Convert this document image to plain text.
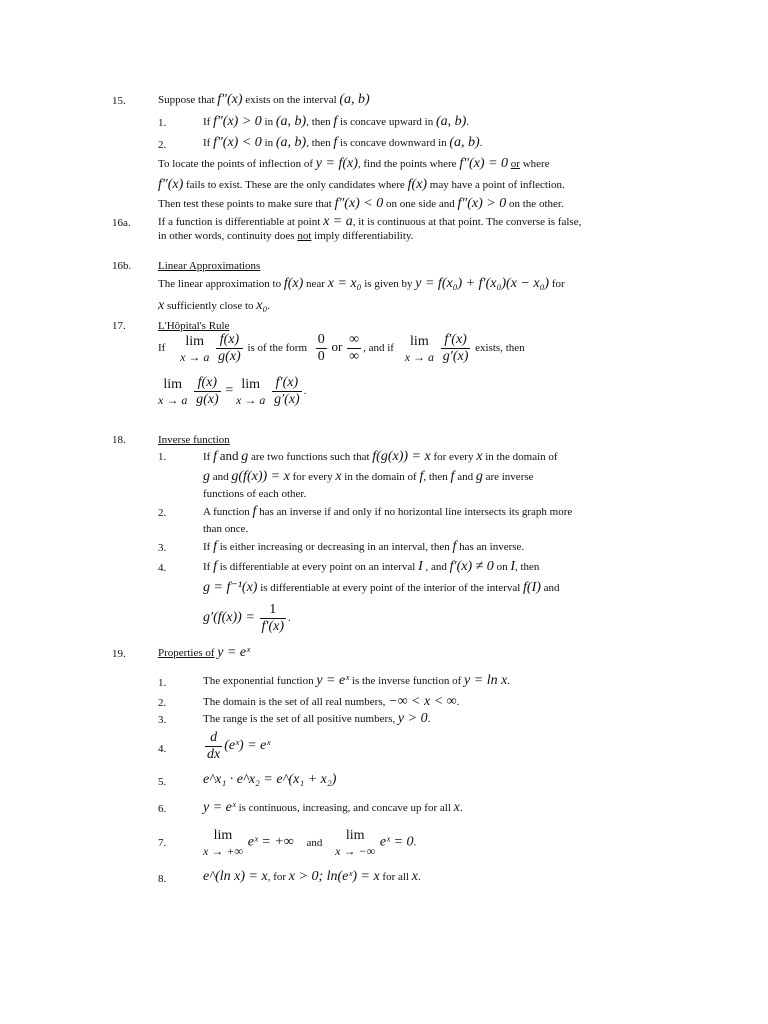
15.	Suppose that f″(x) exists on the interval (a, b)
1.	If f″(x) > 0 in (a, b), then f is concave upward in (a, b).
2.	If f″(x) < 0 in (a, b), then f is concave downward in (a, b).
To locate the points of inflection of y = f(x), find the points where f″(x) = 0 or where
f″(x) fails to exist. These are the only candidates where f(x) may have a point of inflection.
Then test these points to make sure that f″(x) < 0 on one side and f″(x) > 0 on the other.
16a. If a function is differentiable at point x = a, it is continuous at that point. The converse is false,
in other words, continuity does not imply differentiability.
16b. Linear Approximations
The linear approximation to f(x) near x = x₀ is given by y = f(x₀) + f′(x₀)(x − x₀) for
x sufficiently close to x₀.
17.	L'Hôpital's Rule
If	lim
x → a
$\frac{f(x)}{g(x)}$ is of the form $\frac{0}{0}$ or $\frac{\infty}{\infty}$ , and if	lim
x → a
$\frac{f'(x)}{g'(x)}$ exists, then
lim
x → a
$\frac{f(x)}{g(x)} = \lim$
x → a
$\frac{f'(x)}{g'(x)}$ .
18.	Inverse function
1.	If f and g are two functions such that f(g(x)) = x for every x in the domain of
g and g(f(x)) = x for every x in the domain of f, then f and g are inverse
functions of each other.
2.	A function f has an inverse if and only if no horizontal line intersects its graph more
than once.
3.	If f is either increasing or decreasing in an interval, then f has an inverse.
4.	If f is differentiable at every point on an interval I , and f′(x) ≠ 0 on I, then
g = f⁻¹(x) is differentiable at every point of the interior of the interval f(I) and
$g'(f(x)) = \frac{1}{f'(x)}$ .
19.	Properties of y = eˣ
1.	The exponential function y = eˣ is the inverse function of y = ln x.
2.	The domain is the set of all real numbers, −∞ < x < ∞.
3.	The range is the set of all positive numbers, y > 0.
4.	$\frac{d}{dx}$ (eˣ) = eˣ
5.	e^x₁ · e^x₂ = e^(x₁ + x₂)
6.	y = eˣ is continuous, increasing, and concave up for all x.
7.	lim
x → +∞
eˣ = +∞ and	lim
x → −∞
eˣ = 0.
8.	e^(ln x) = x, for x > 0; ln(eˣ) = x for all x.
